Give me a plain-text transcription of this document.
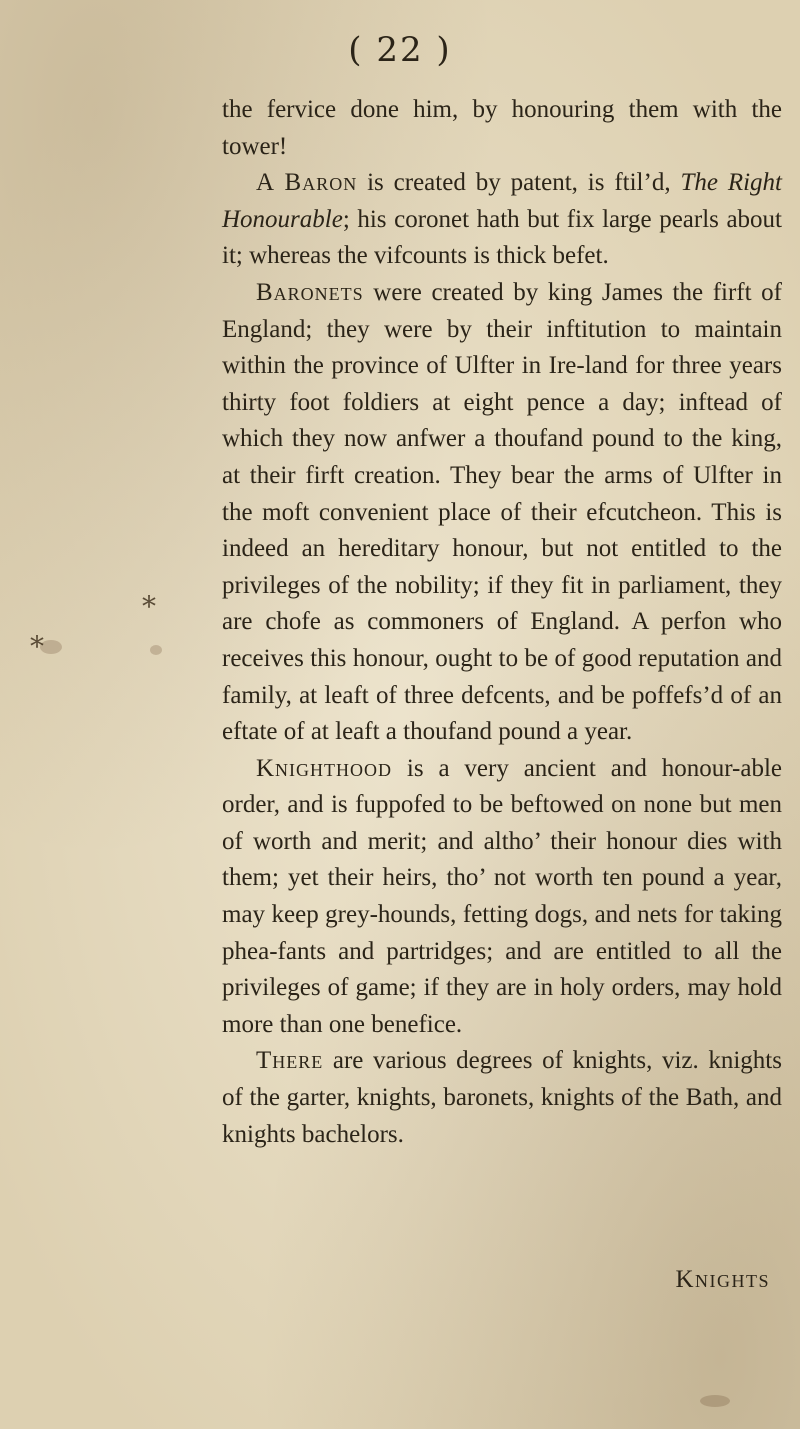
*
*
( 22 )

the fervice done him, by honouring them with the tower!

A Baron is created by patent, is ftil’d, The Right Honourable; his coronet hath but fix large pearls about it; whereas the vifcounts is thick befet.

Baronets were created by king James the firft of England; they were by their inftitution to maintain within the province of Ulfter in Ire-land for three years thirty foot foldiers at eight pence a day; inftead of which they now anfwer a thoufand pound to the king, at their firft creation. They bear the arms of Ulfter in the moft convenient place of their efcutcheon. This is indeed an hereditary honour, but not entitled to the privileges of the nobility; if they fit in parliament, they are chofe as commoners of England. A perfon who receives this honour, ought to be of good reputation and family, at leaft of three defcents, and be poffefs’d of an eftate of at leaft a thoufand pound a year.

Knighthood is a very ancient and honour-able order, and is fuppofed to be beftowed on none but men of worth and merit; and altho’ their honour dies with them; yet their heirs, tho’ not worth ten pound a year, may keep grey-hounds, fetting dogs, and nets for taking phea-fants and partridges; and are entitled to all the privileges of game; if they are in holy orders, may hold more than one benefice.

There are various degrees of knights, viz. knights of the garter, knights, baronets, knights of the Bath, and knights bachelors.

Knights
